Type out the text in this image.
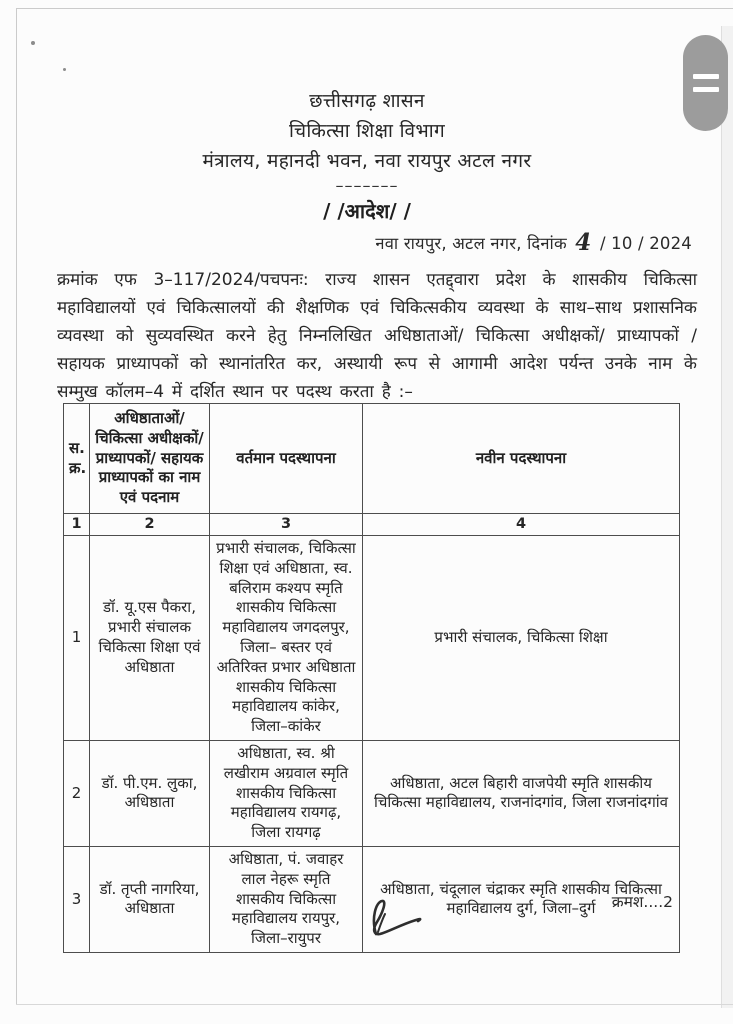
छत्तीसगढ़ शासन
चिकित्सा शिक्षा विभाग
मंत्रालय, महानदी भवन, नवा रायपुर अटल नगर
–––––––
/ /आदेश/ /
नवा रायपुर, अटल नगर, दिनांक 4 / 10 / 2024
क्रमांक एफ 3–117/2024/पचपनः: राज्य शासन एतद्द्वारा प्रदेश के शासकीय चिकित्सा महाविद्यालयों एवं चिकित्सालयों की शैक्षणिक एवं चिकित्सकीय व्यवस्था के साथ–साथ प्रशासनिक व्यवस्था को सुव्यवस्थित करने हेतु निम्नलिखित अधिष्ठाताओं/ चिकित्सा अधीक्षकों/ प्राध्यापकों /सहायक प्राध्यापकों को स्थानांतरित कर, अस्थायी रूप से आगामी आदेश पर्यन्त उनके नाम के सम्मुख कॉलम–4 में दर्शित स्थान पर पदस्थ करता है :–
स. क्र.	अधिष्ठाताओं/ चिकित्सा अधीक्षकों/प्राध्यापकों/ सहायक प्राध्यापकों का नाम एवं पदनाम	वर्तमान पदस्थापना	नवीन पदस्थापना
1	2	3	4
1	डॉ. यू.एस पैकरा, प्रभारी संचालक चिकित्सा शिक्षा एवं अधिष्ठाता	प्रभारी संचालक, चिकित्सा शिक्षा एवं अधिष्ठाता, स्व. बलिराम कश्यप स्मृति शासकीय चिकित्सा महाविद्यालय जगदलपुर, जिला– बस्तर एवं अतिरिक्त प्रभार अधिष्ठाता शासकीय चिकित्सा महाविद्यालय कांकेर, जिला–कांकेर	प्रभारी संचालक, चिकित्सा शिक्षा
2	डॉ. पी.एम. लुका, अधिष्ठाता	अधिष्ठाता, स्व. श्री लखीराम अग्रवाल स्मृति शासकीय चिकित्सा महाविद्यालय रायगढ़, जिला रायगढ़	अधिष्ठाता, अटल बिहारी वाजपेयी स्मृति शासकीय चिकित्सा महाविद्यालय, राजनांदगांव, जिला राजनांदगांव
3	डॉ. तृप्ती नागरिया, अधिष्ठाता	अधिष्ठाता, पं. जवाहर लाल नेहरू स्मृति शासकीय चिकित्सा महाविद्यालय रायपुर, जिला–रायुपर	अधिष्ठाता, चंदूलाल चंद्राकर स्मृति शासकीय चिकित्सा महाविद्यालय दुर्ग, जिला–दुर्ग क्रमश....2
